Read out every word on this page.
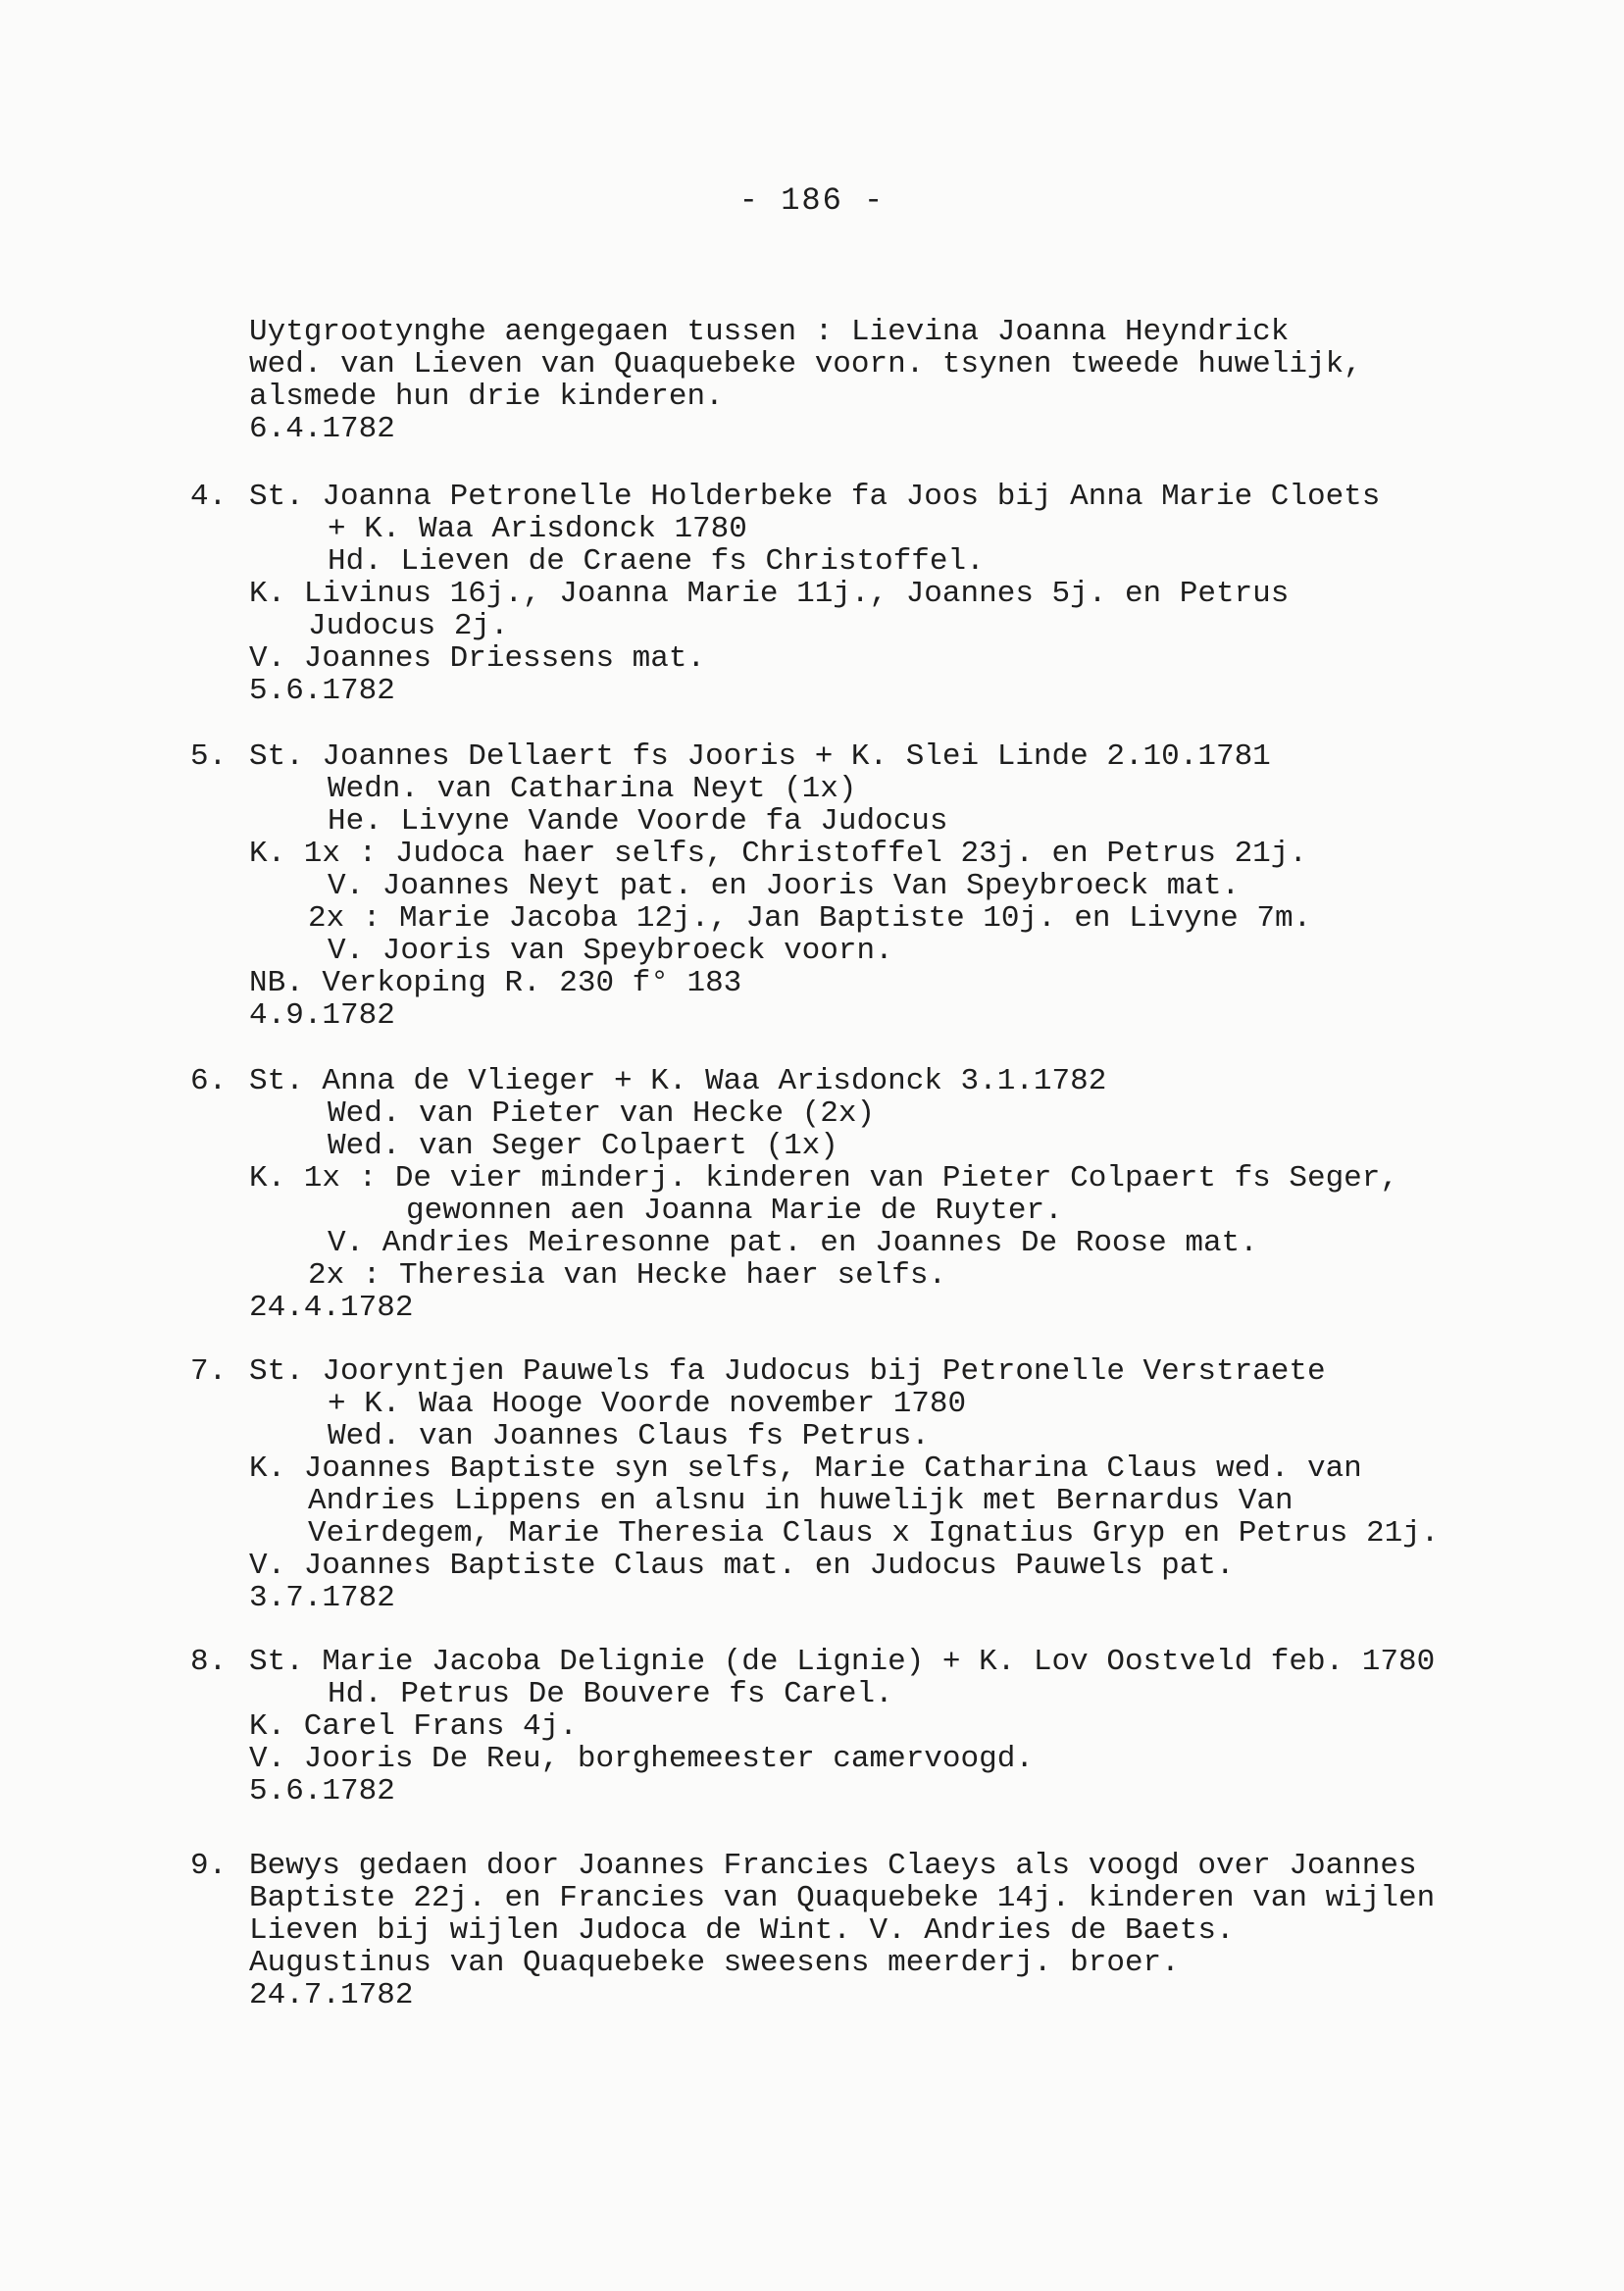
- 186 -
Uytgrootynghe aengegaen tussen : Lievina Joanna Heyndrick
wed. van Lieven van Quaquebeke voorn. tsynen tweede huwelijk,
alsmede hun drie kinderen.
6.4.1782
4. St. Joanna Petronelle Holderbeke fa Joos bij Anna Marie Cloets
+ K. Waa Arisdonck 1780
Hd. Lieven de Craene fs Christoffel.
K. Livinus 16j., Joanna Marie 11j., Joannes 5j. en Petrus
Judocus 2j.
V. Joannes Driessens mat.
5.6.1782
5. St. Joannes Dellaert fs Jooris + K. Slei Linde 2.10.1781
Wedn. van Catharina Neyt (1x)
He. Livyne Vande Voorde fa Judocus
K. 1x : Judoca haer selfs, Christoffel 23j. en Petrus 21j.
V. Joannes Neyt pat. en Jooris Van Speybroeck mat.
2x : Marie Jacoba 12j., Jan Baptiste 10j. en Livyne 7m.
V. Jooris van Speybroeck voorn.
NB. Verkoping R. 230 f° 183
4.9.1782
6. St. Anna de Vlieger + K. Waa Arisdonck 3.1.1782
Wed. van Pieter van Hecke (2x)
Wed. van Seger Colpaert (1x)
K. 1x : De vier minderj. kinderen van Pieter Colpaert fs Seger,
gewonnen aen Joanna Marie de Ruyter.
V. Andries Meiresonne pat. en Joannes De Roose mat.
2x : Theresia van Hecke haer selfs.
24.4.1782
7. St. Jooryntjen Pauwels fa Judocus bij Petronelle Verstraete
+ K. Waa Hooge Voorde november 1780
Wed. van Joannes Claus fs Petrus.
K. Joannes Baptiste syn selfs, Marie Catharina Claus wed. van
Andries Lippens en alsnu in huwelijk met Bernardus Van
Veirdegem, Marie Theresia Claus x Ignatius Gryp en Petrus 21j.
V. Joannes Baptiste Claus mat. en Judocus Pauwels pat.
3.7.1782
8. St. Marie Jacoba Delignie (de Lignie) + K. Lov Oostveld feb. 1780
Hd. Petrus De Bouvere fs Carel.
K. Carel Frans 4j.
V. Jooris De Reu, borghemeester camervoogd.
5.6.1782
9. Bewys gedaen door Joannes Francies Claeys als voogd over Joannes
Baptiste 22j. en Francies van Quaquebeke 14j. kinderen van wijlen
Lieven bij wijlen Judoca de Wint. V. Andries de Baets.
Augustinus van Quaquebeke sweesens meerderj. broer.
24.7.1782
